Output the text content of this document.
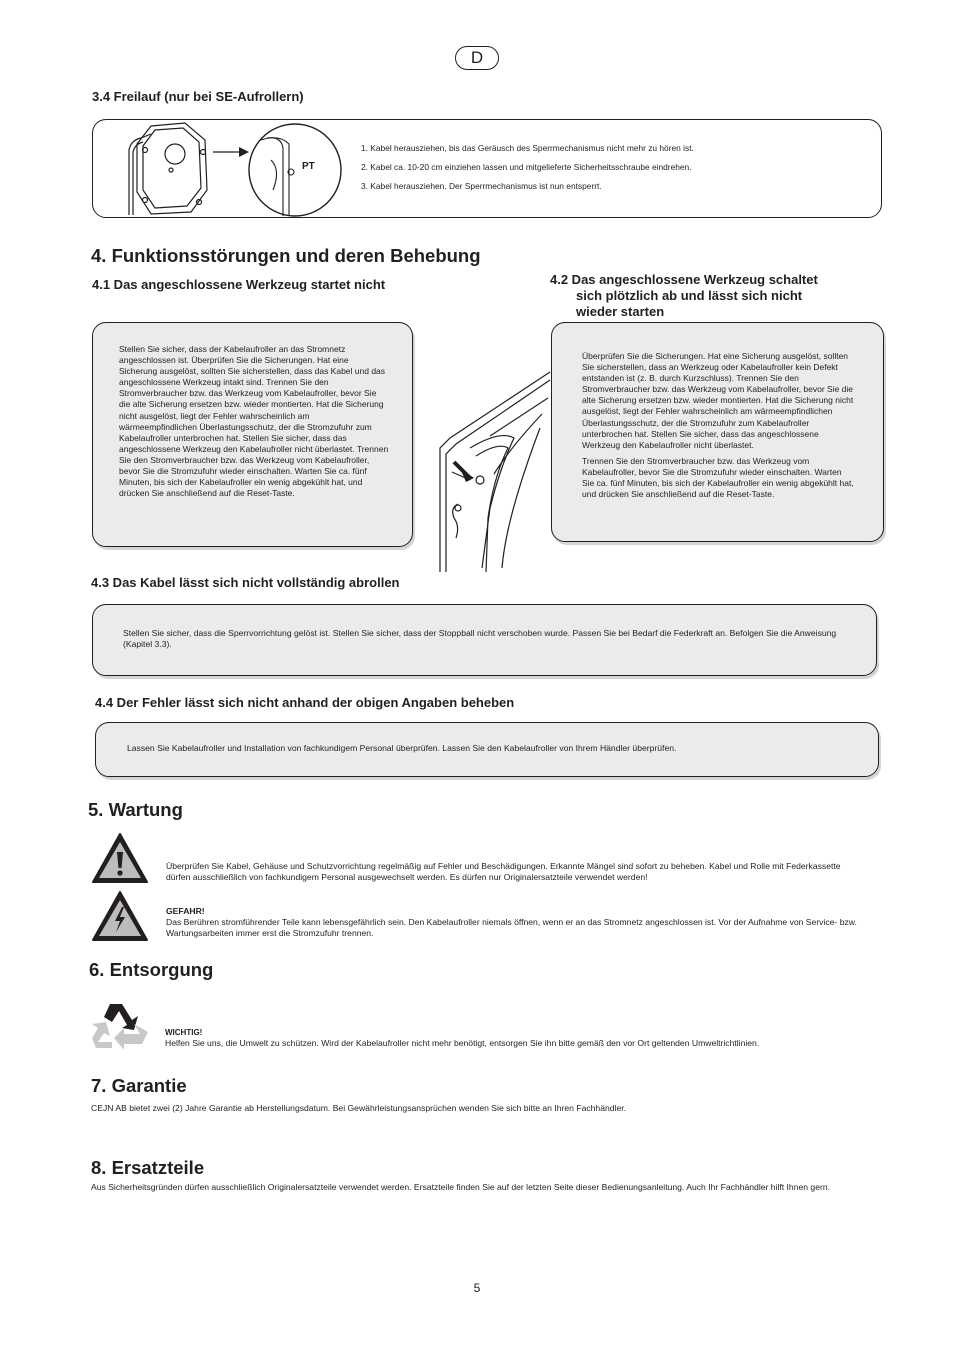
D
3.4 Freilauf (nur bei SE-Aufrollern)
PT

1. Kabel herausziehen, bis das Geräusch des Sperrmechanismus nicht mehr zu hören ist.

2. Kabel ca. 10-20 cm einziehen lassen und mitgelieferte Sicherheitsschraube eindrehen.

3. Kabel herausziehen. Der Sperrmechanismus ist nun entsperrt.

4. Funktionsstörungen und deren Behebung
4.1 Das angeschlossene Werkzeug startet nicht

Stellen Sie sicher, dass der Kabelaufroller an das Stromnetz angeschlossen ist. Überprüfen Sie die Sicherungen. Hat eine Sicherung ausgelöst, sollten Sie sicherstellen, dass das Kabel und das angeschlossene Werkzeug intakt sind. Trennen Sie den Stromverbraucher bzw. das Werkzeug vom Kabelaufroller, bevor Sie die alte Sicherung ersetzen bzw. wieder montierten. Hat die Sicherung nicht ausgelöst, liegt der Fehler wahrscheinlich am wärmeempfindlichen Überlastungsschutz, der die Stromzufuhr zum Kabelaufroller unterbrochen hat. Stellen Sie sicher, dass das angeschlossene Werkzeug den Kabelaufroller nicht überlastet. Trennen Sie den Stromverbraucher bzw. das Werkzeug vom Kabelaufroller, bevor Sie die Stromzufuhr wieder einschalten. Warten Sie ca. fünf Minuten, bis sich der Kabelaufroller ein wenig abgekühlt hat, und drücken Sie anschließend auf die Reset-Taste.

4.2 Das angeschlossene Werkzeug schaltet
sich plötzlich ab und lässt sich nicht
wieder starten

Überprüfen Sie die Sicherungen. Hat eine Sicherung ausgelöst, sollten Sie sicherstellen, dass an Werkzeug oder Kabelaufroller kein Defekt entstanden ist (z. B. durch Kurzschluss). Trennen Sie den Stromverbraucher bzw. das Werkzeug vom Kabelaufroller, bevor Sie die alte Sicherung ersetzen bzw. wieder montierten. Hat die Sicherung nicht ausgelöst, liegt der Fehler wahrscheinlich am wärmeempfindlichen Überlastungsschutz, der die Stromzufuhr zum Kabelaufroller unterbrochen hat. Stellen Sie sicher, dass das angeschlossene Werkzeug den Kabelaufroller nicht überlastet.

Trennen Sie den Stromverbraucher bzw. das Werkzeug vom Kabelaufroller, bevor Sie die Stromzufuhr wieder einschalten. Warten Sie ca. fünf Minuten, bis sich der Kabelaufroller ein wenig abgekühlt hat, und drücken Sie anschließend auf die Reset-Taste.

4.3 Das Kabel lässt sich nicht vollständig abrollen

Stellen Sie sicher, dass die Sperrvorrichtung gelöst ist. Stellen Sie sicher, dass der Stoppball nicht verschoben wurde. Passen Sie bei Bedarf die Federkraft an. Befolgen Sie die Anweisung (Kapitel 3.3).

4.4 Der Fehler lässt sich nicht anhand der obigen Angaben beheben

Lassen Sie Kabelaufroller und Installation von fachkundigem Personal überprüfen. Lassen Sie den Kabelaufroller von Ihrem Händler überprüfen.

5. Wartung

Überprüfen Sie Kabel, Gehäuse und Schutzvorrichtung regelmäßig auf Fehler und Beschädigungen. Erkannte Mängel sind sofort zu beheben. Kabel und Rolle mit Federkassette dürfen ausschließlich von fachkundigem Personal ausgewechselt werden. Es dürfen nur Originalersatzteile verwendet werden!

GEFAHR!

Das Berühren stromführender Teile kann lebensgefährlich sein. Den Kabelaufroller niemals öffnen, wenn er an das Stromnetz angeschlossen ist. Vor der Aufnahme von Service- bzw. Wartungsarbeiten immer erst die Stromzufuhr trennen.

6. Entsorgung

WICHTIG!

Helfen Sie uns, die Umwelt zu schützen. Wird der Kabelaufroller nicht mehr benötigt, entsorgen Sie ihn bitte gemäß den vor Ort geltenden Umweltrichtlinien.

7. Garantie

CEJN AB bietet zwei (2) Jahre Garantie ab Herstellungsdatum. Bei Gewährleistungsansprüchen wenden Sie sich bitte an Ihren Fachhändler.

8. Ersatzteile

Aus Sicherheitsgründen dürfen ausschließlich Originalersatzteile verwendet werden. Ersatzteile finden Sie auf der letzten Seite dieser Bedienungsanleitung. Auch Ihr Fachhändler hilft Ihnen gern.

5
